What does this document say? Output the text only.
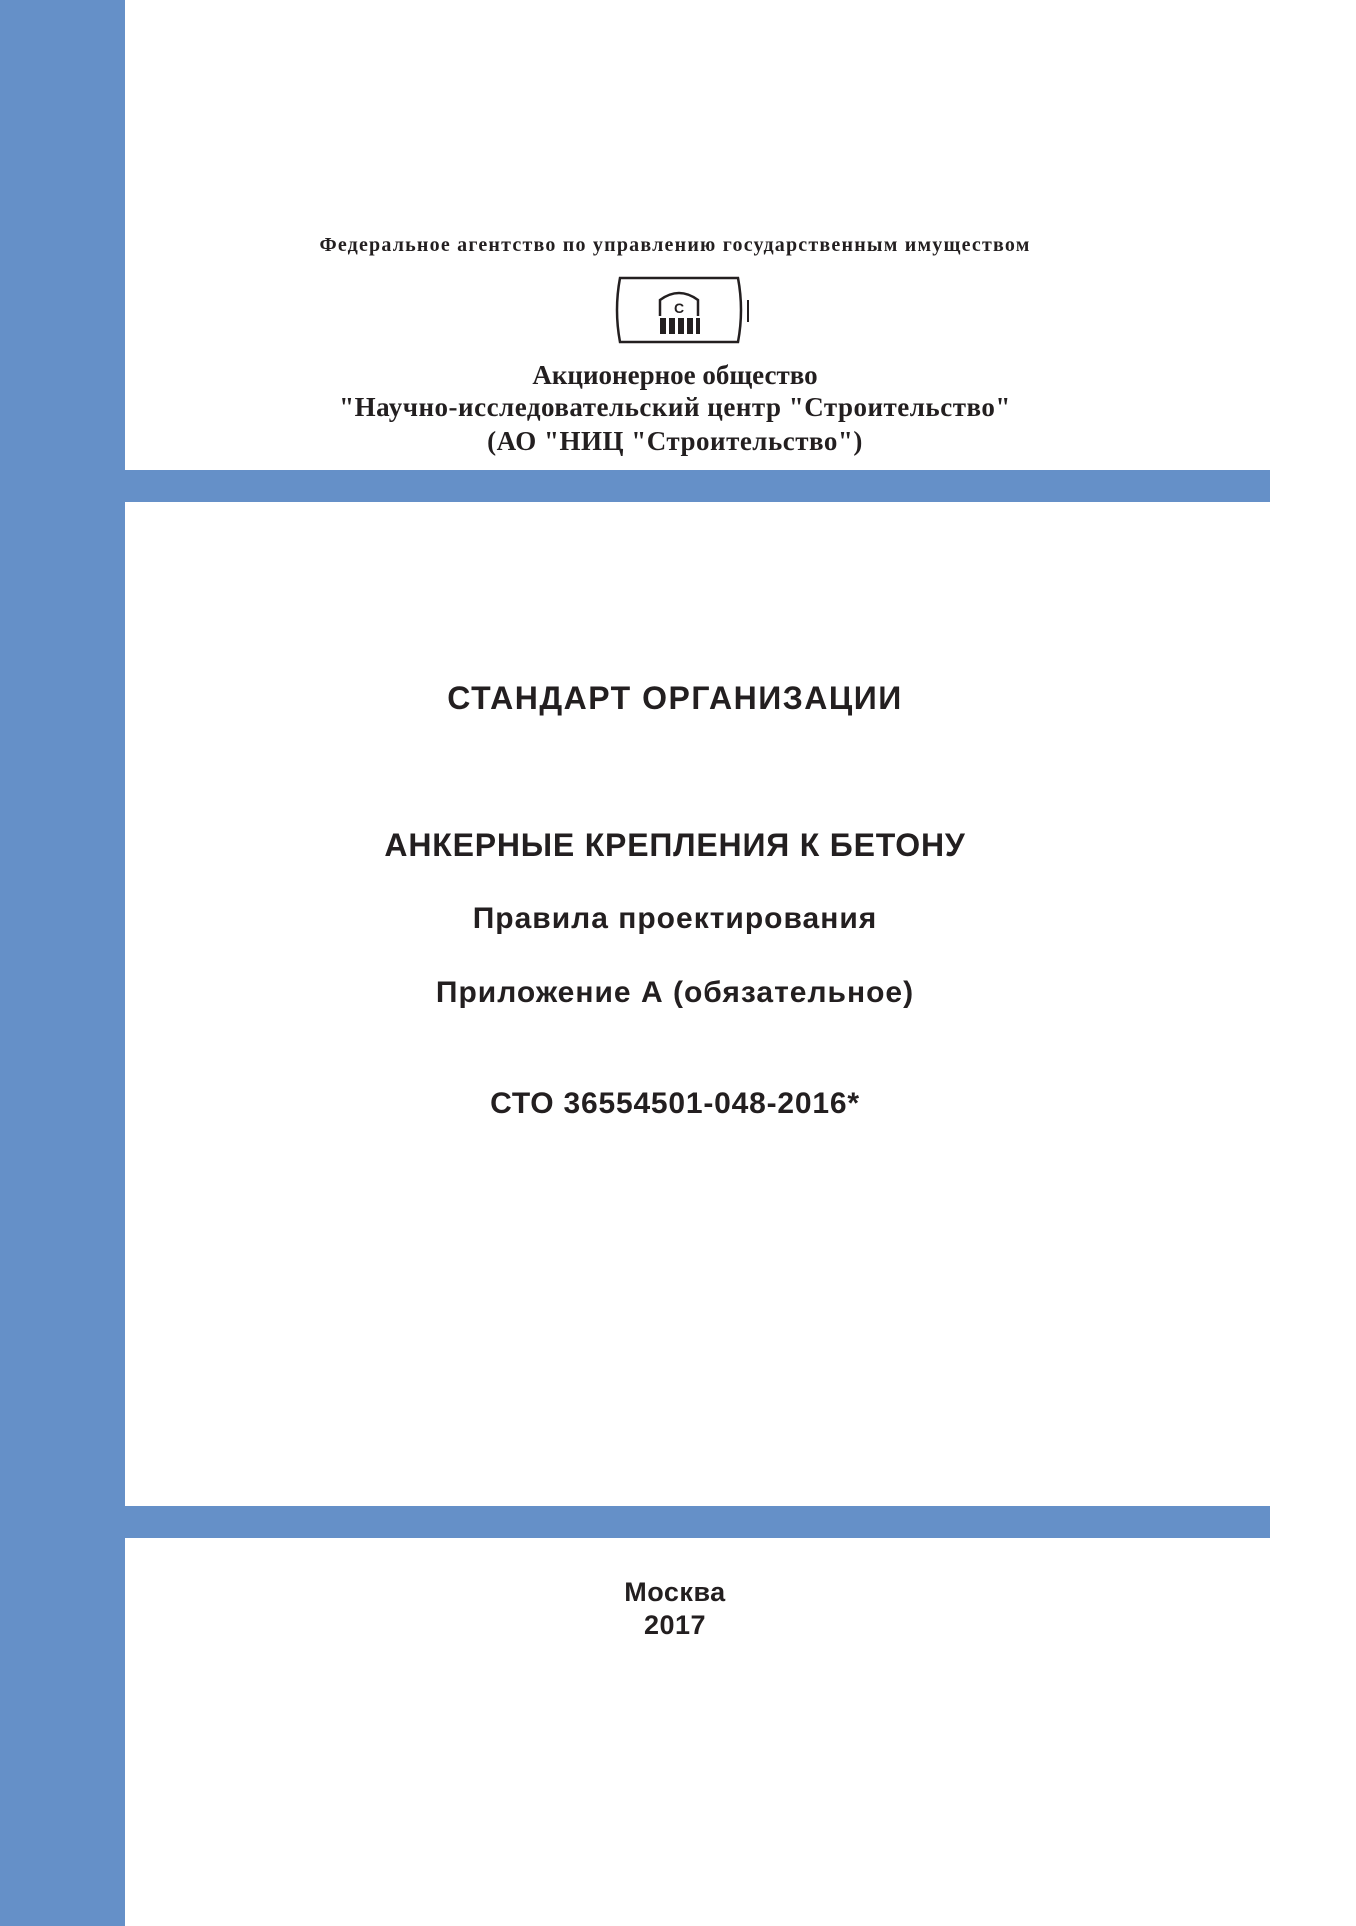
Федеральное агентство по управлению государственным имуществом
С
Акционерное общество
"Научно-исследовательский центр "Строительство"
(АО "НИЦ "Строительство")
СТАНДАРТ ОРГАНИЗАЦИИ
АНКЕРНЫЕ КРЕПЛЕНИЯ К БЕТОНУ
Правила проектирования
Приложение А (обязательное)
СТО 36554501-048-2016*
Москва
2017
